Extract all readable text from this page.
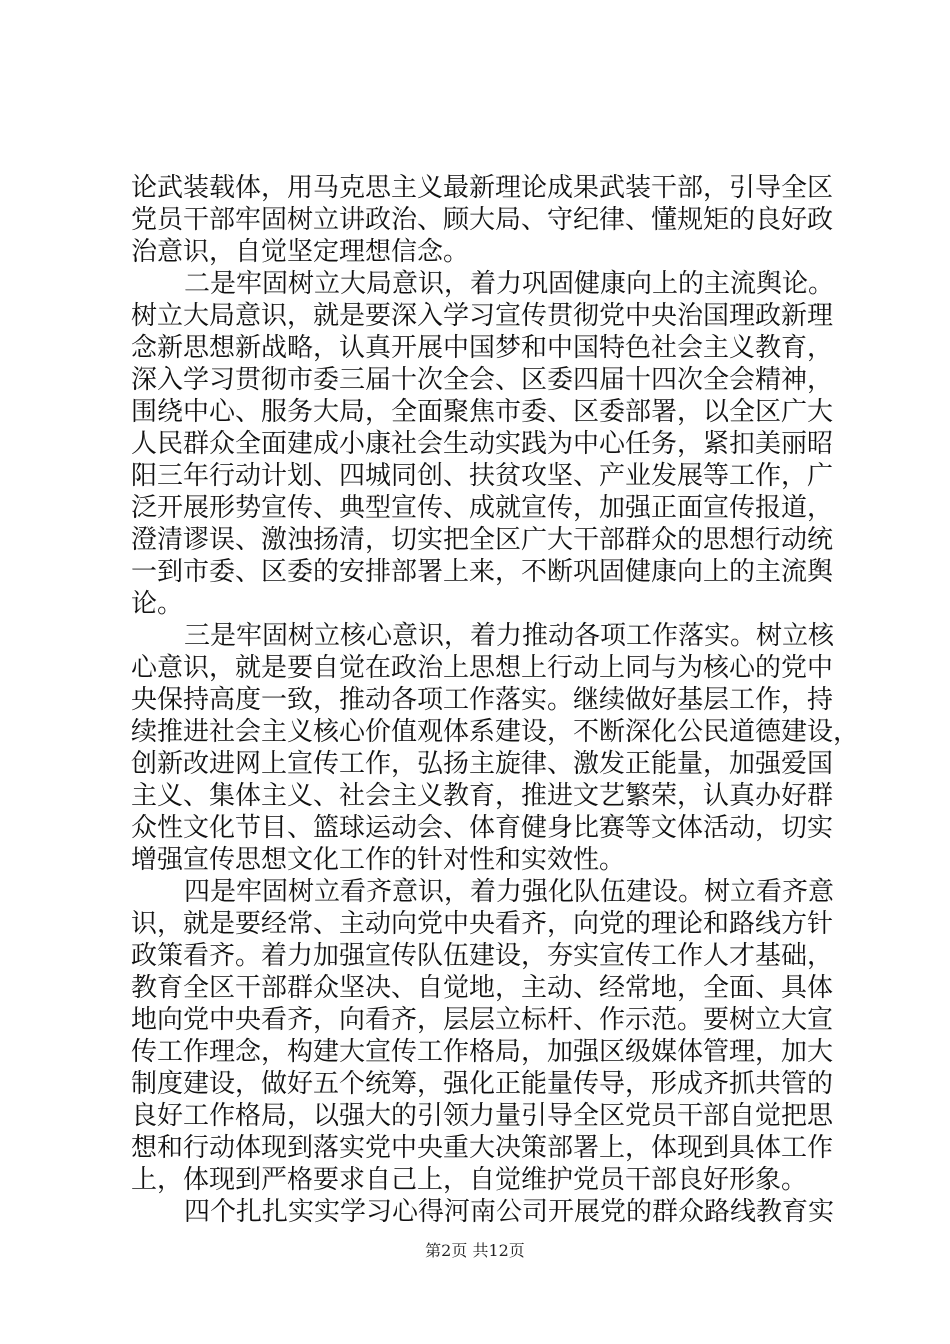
论武装载体，用马克思主义最新理论成果武装干部，引导全区
党员干部牢固树立讲政治、顾大局、守纪律、懂规矩的良好政
治意识，自觉坚定理想信念。
二是牢固树立大局意识，着力巩固健康向上的主流舆论。
树立大局意识，就是要深入学习宣传贯彻党中央治国理政新理
念新思想新战略，认真开展中国梦和中国特色社会主义教育，
深入学习贯彻市委三届十次全会、区委四届十四次全会精神，
围绕中心、服务大局，全面聚焦市委、区委部署，以全区广大
人民群众全面建成小康社会生动实践为中心任务，紧扣美丽昭
阳三年行动计划、四城同创、扶贫攻坚、产业发展等工作，广
泛开展形势宣传、典型宣传、成就宣传，加强正面宣传报道，
澄清谬误、激浊扬清，切实把全区广大干部群众的思想行动统
一到市委、区委的安排部署上来，不断巩固健康向上的主流舆
论。
三是牢固树立核心意识，着力推动各项工作落实。树立核
心意识，就是要自觉在政治上思想上行动上同与为核心的党中
央保持高度一致，推动各项工作落实。继续做好基层工作，持
续推进社会主义核心价值观体系建设，不断深化公民道德建设，
创新改进网上宣传工作，弘扬主旋律、激发正能量，加强爱国
主义、集体主义、社会主义教育，推进文艺繁荣，认真办好群
众性文化节目、篮球运动会、体育健身比赛等文体活动，切实
增强宣传思想文化工作的针对性和实效性。
四是牢固树立看齐意识，着力强化队伍建设。树立看齐意
识，就是要经常、主动向党中央看齐，向党的理论和路线方针
政策看齐。着力加强宣传队伍建设，夯实宣传工作人才基础，
教育全区干部群众坚决、自觉地，主动、经常地，全面、具体
地向党中央看齐，向看齐，层层立标杆、作示范。要树立大宣
传工作理念，构建大宣传工作格局，加强区级媒体管理，加大
制度建设，做好五个统筹，强化正能量传导，形成齐抓共管的
良好工作格局，以强大的引领力量引导全区党员干部自觉把思
想和行动体现到落实党中央重大决策部署上，体现到具体工作
上，体现到严格要求自己上，自觉维护党员干部良好形象。
四个扎扎实实学习心得河南公司开展党的群众路线教育实
第2页 共12页
